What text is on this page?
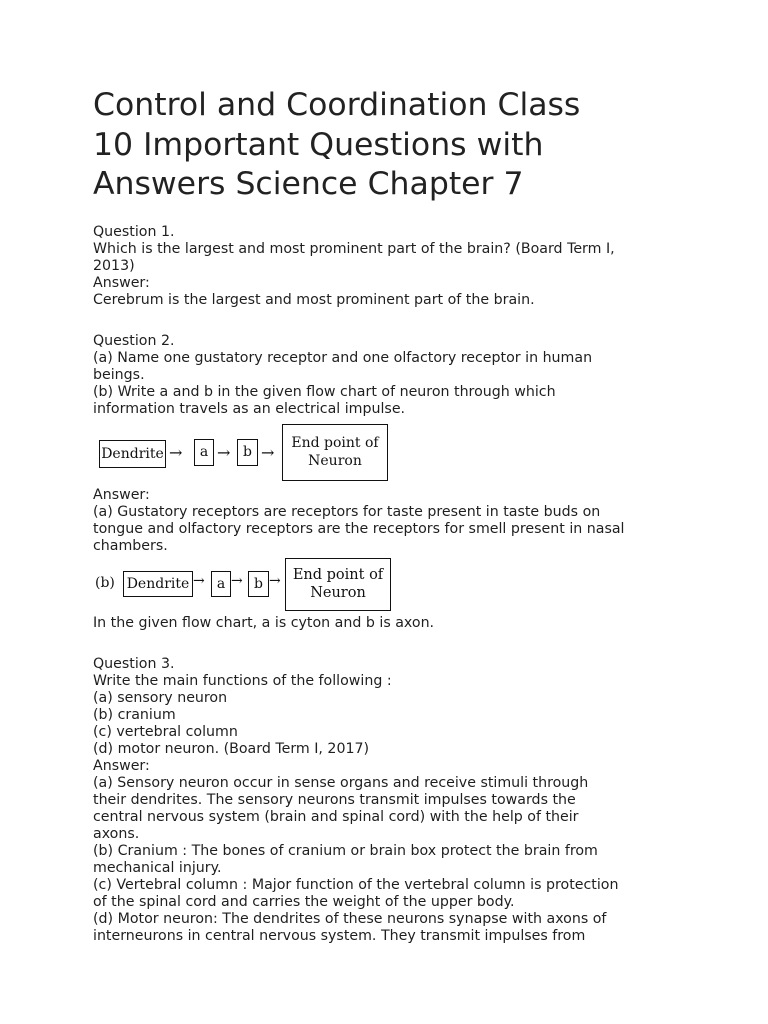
Control and Coordination Class
10 Important Questions with
Answers Science Chapter 7

Question 1.

Which is the largest and most prominent part of the brain? (Board Term I,

2013)

Answer:

Cerebrum is the largest and most prominent part of the brain.

Question 2.

(a) Name one gustatory receptor and one olfactory receptor in human

beings.

(b) Write a and b in the given flow chart of neuron through which

information travels as an electrical impulse.

Dendrite →	a → b → End point of
Neuron

Answer:

(a) Gustatory receptors are receptors for taste present in taste buds on

tongue and olfactory receptors are the receptors for smell present in nasal

chambers.

(b) Dendrite → a → b → End point of
Neuron

In the given flow chart, a is cyton and b is axon.

Question 3.

Write the main functions of the following :

(a) sensory neuron

(b) cranium

(c) vertebral column

(d) motor neuron. (Board Term I, 2017)

Answer:

(a) Sensory neuron occur in sense organs and receive stimuli through

their dendrites. The sensory neurons transmit impulses towards the

central nervous system (brain and spinal cord) with the help of their

axons.

(b) Cranium : The bones of cranium or brain box protect the brain from

mechanical injury.

(c) Vertebral column : Major function of the vertebral column is protection

of the spinal cord and carries the weight of the upper body.

(d) Motor neuron: The dendrites of these neurons synapse with axons of

interneurons in central nervous system. They transmit impulses from
